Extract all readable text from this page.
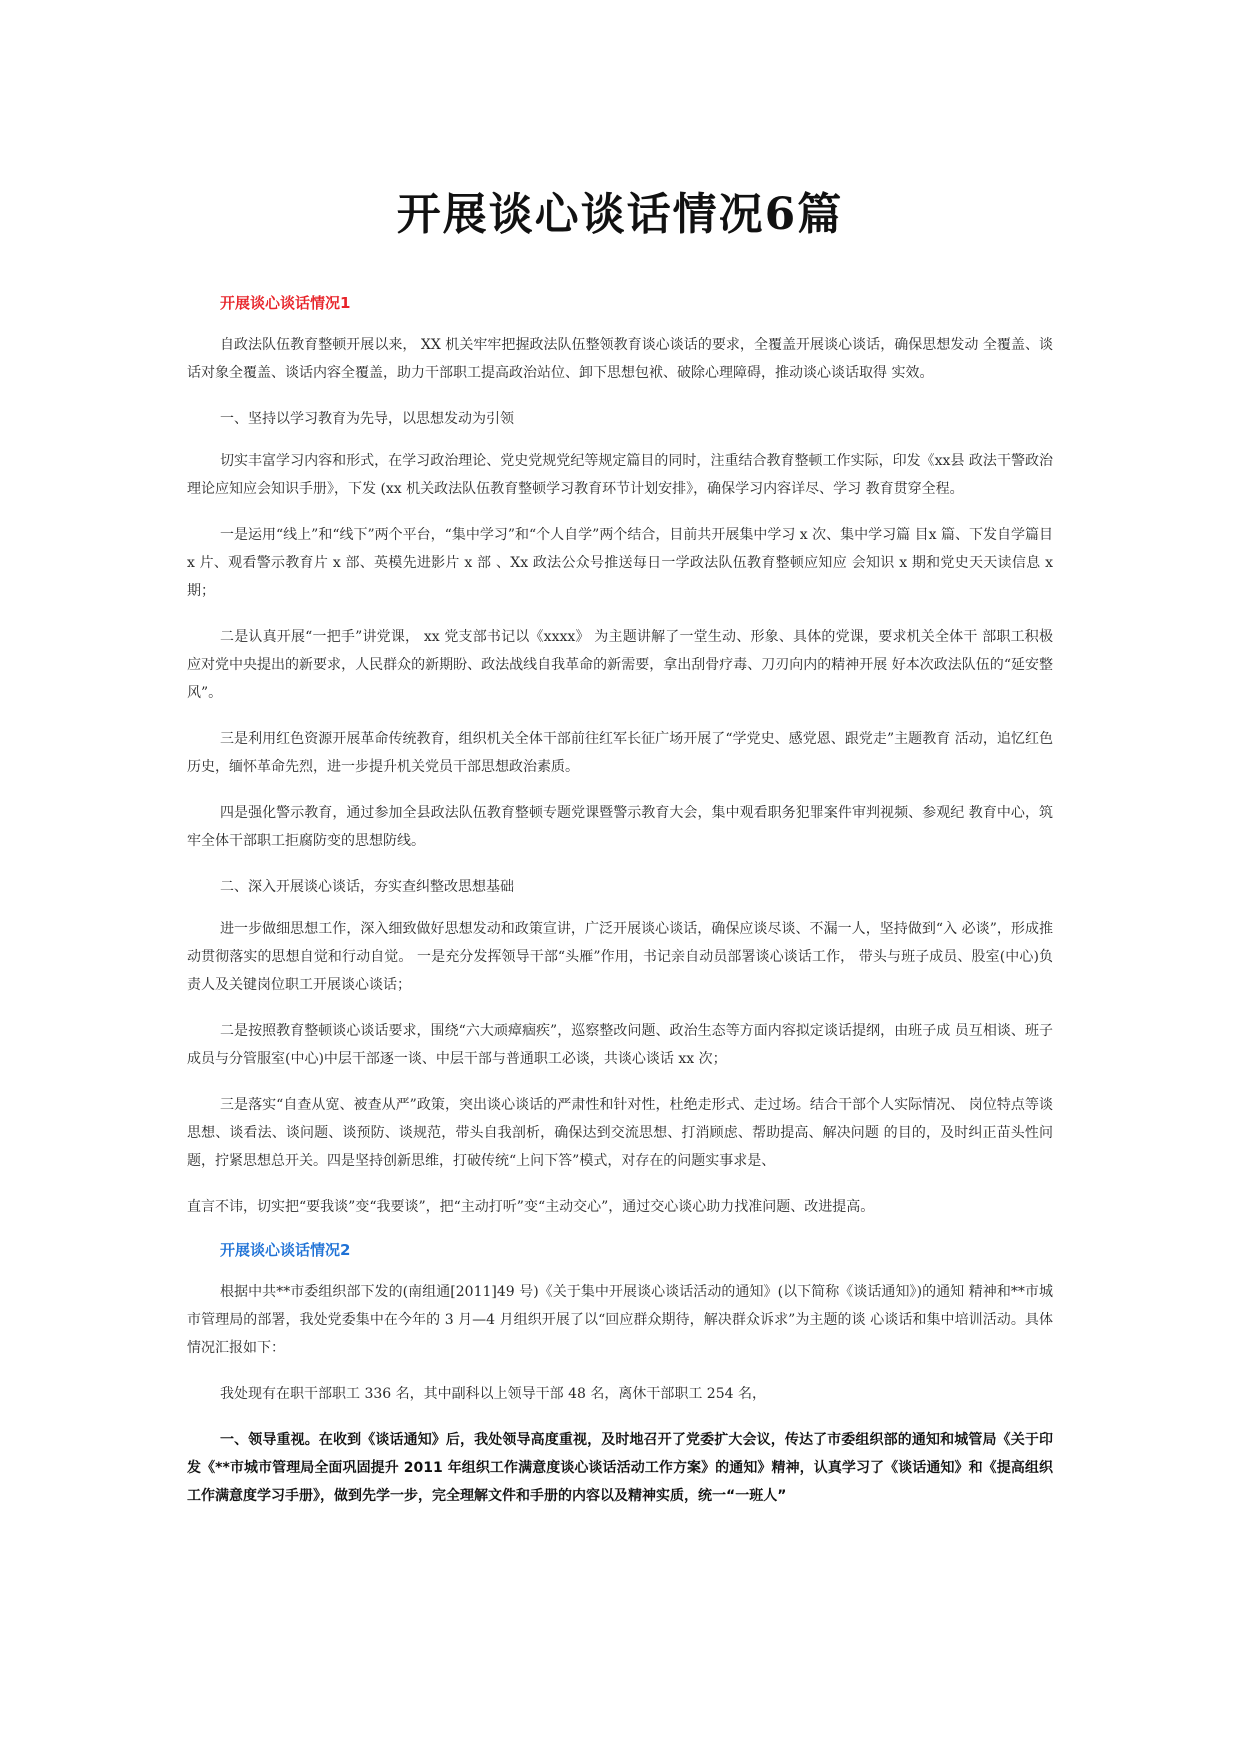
开展谈心谈话情况6篇
开展谈心谈话情况1

自政法队伍教育整顿开展以来， XX 机关牢牢把握政法队伍整领教育谈心谈话的要求，全覆盖开展谈心谈话，确保思想发动 全覆盖、谈话对象全覆盖、谈话内容全覆盖，助力干部职工提高政治站位、卸下思想包袱、破除心理障碍，推动谈心谈话取得 实效。

一、坚持以学习教育为先导，以思想发动为引领

切实丰富学习内容和形式，在学习政治理论、党史党规党纪等规定篇目的同时，注重结合教育整顿工作实际，印发《xx县 政法干警政治理论应知应会知识手册》，下发 (xx 机关政法队伍教育整顿学习教育环节计划安排》，确保学习内容详尽、学习 教育贯穿全程。

一是运用“线上”和“线下”两个平台，“集中学习”和“个人自学”两个结合，目前共开展集中学习 x 次、集中学习篇 目x 篇、下发自学篇目 x 片、观看警示教育片 x 部、英模先进影片 x 部 、Xx 政法公众号推送每日一学政法队伍教育整顿应知应 会知识 x 期和党史天天读信息 x 期；

二是认真开展“一把手”讲党课， xx 党支部书记以《xxxx》 为主题讲解了一堂生动、形象、具体的党课，要求机关全体干 部职工积极应对党中央提出的新要求，人民群众的新期盼、政法战线自我革命的新需要，拿出刮骨疗毒、刀刃向内的精神开展 好本次政法队伍的“延安整风”。

三是利用红色资源开展革命传统教育，组织机关全体干部前往红军长征广场开展了“学党史、感党恩、跟党走”主题教育 活动，追忆红色历史，缅怀革命先烈，进一步提升机关党员干部思想政治素质。

四是强化警示教育，通过参加全县政法队伍教育整顿专题党课暨警示教育大会，集中观看职务犯罪案件审判视频、参观纪 教育中心，筑牢全体干部职工拒腐防变的思想防线。

二、深入开展谈心谈话，夯实查纠整改思想基础

进一步做细思想工作，深入细致做好思想发动和政策宣讲，广泛开展谈心谈话，确保应谈尽谈、不漏一人，坚持做到“入 必谈”，形成推动贯彻落实的思想自觉和行动自觉。 一是充分发挥领导干部“头雁”作用，书记亲自动员部署谈心谈话工作， 带头与班子成员、股室(中心)负责人及关键岗位职工开展谈心谈话；

二是按照教育整顿谈心谈话要求，围绕“六大顽瘴痼疾”，巡察整改问题、政治生态等方面内容拟定谈话提纲，由班子成 员互相谈、班子成员与分管服室(中心)中层干部逐一谈、中层干部与普通职工必谈，共谈心谈话 xx 次；

三是落实“自查从宽、被查从严”政策，突出谈心谈话的严肃性和针对性，杜绝走形式、走过场。结合干部个人实际情况、 岗位特点等谈思想、谈看法、谈问题、谈预防、谈规范，带头自我剖析，确保达到交流思想、打消顾虑、帮助提高、解决问题 的目的，及时纠正苗头性问题，拧紧思想总开关。四是坚持创新思维，打破传统“上问下答”模式，对存在的问题实事求是、

直言不讳，切实把“要我谈”变“我要谈”，把“主动打听”变“主动交心”，通过交心谈心助力找准问题、改进提高。

开展谈心谈话情况2

根据中共**市委组织部下发的(南组通[2011]49 号)《关于集中开展谈心谈话活动的通知》(以下简称《谈话通知》)的通知 精神和**市城市管理局的部署，我处党委集中在今年的 3 月—4 月组织开展了以“回应群众期待，解决群众诉求”为主题的谈 心谈话和集中培训活动。具体情况汇报如下：

我处现有在职干部职工 336 名，其中副科以上领导干部 48 名，离休干部职工 254 名，

一、领导重视。在收到《谈话通知》后，我处领导高度重视，及时地召开了党委扩大会议，传达了市委组织部的通知和城管局《关于印发《**市城市管理局全面巩固提升 2011 年组织工作满意度谈心谈话活动工作方案》的通知》精神，认真学习了《谈话通知》和《提高组织工作满意度学习手册》，做到先学一步，完全理解文件和手册的内容以及精神实质，统一“一班人”
